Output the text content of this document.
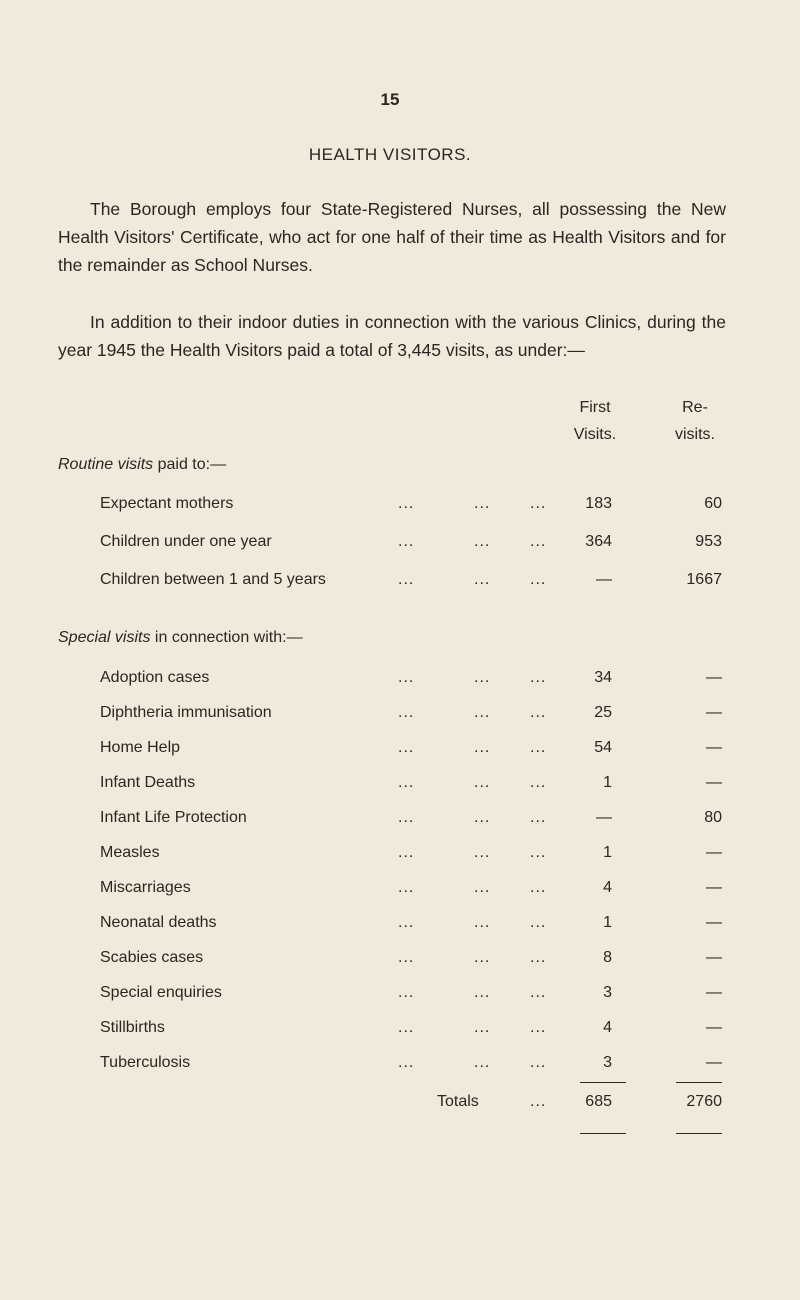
15
HEALTH VISITORS.
The Borough employs four State-Registered Nurses, all possessing the New Health Visitors' Certificate, who act for one half of their time as Health Visitors and for the remainder as School Nurses.
In addition to their indoor duties in connection with the various Clinics, during the year 1945 the Health Visitors paid a total of 3,445 visits, as under:—
First
Visits.
Re-
visits.
Routine visits paid to:—
Expectant mothers	...	... ...	183	60
Children under one year	...	... ...	364	953
Children between 1 and 5 years	...	... ...	—	1667
Special visits in connection with:—
Adoption cases	...	... ...	34	—
Diphtheria immunisation	...	... ...	25	—
Home Help	...	... ...	54	—
Infant Deaths	...	... ...	1	—
Infant Life Protection	...	... ...	—	80
Measles	...	... ...	1	—
Miscarriages	...	... ...	4	—
Neonatal deaths	...	... ...	1	—
Scabies cases	...	... ...	8	—
Special enquiries	...	... ...	3	—
Stillbirths	...	... ...	4	—
Tuberculosis	...	... ...	3	—
Totals	...	685	2760
